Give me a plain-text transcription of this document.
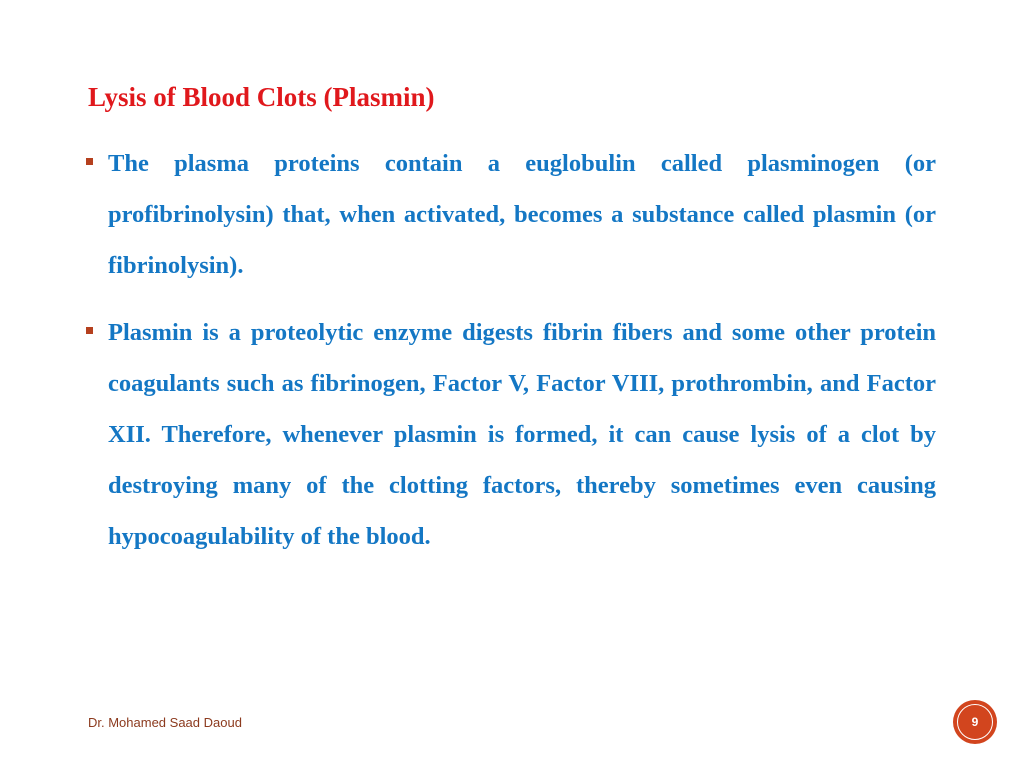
Lysis of Blood Clots (Plasmin)

The plasma proteins contain a euglobulin called plasminogen (or profibrinolysin) that, when activated, becomes a substance called plasmin (or fibrinolysin).

Plasmin is a proteolytic enzyme digests fibrin fibers and some other protein coagulants such as fibrinogen, Factor V, Factor VIII, prothrombin, and Factor XII. Therefore, whenever plasmin is formed, it can cause lysis of a clot by destroying many of the clotting factors, thereby sometimes even causing hypocoagulability of the blood.

Dr. Mohamed Saad Daoud	9
